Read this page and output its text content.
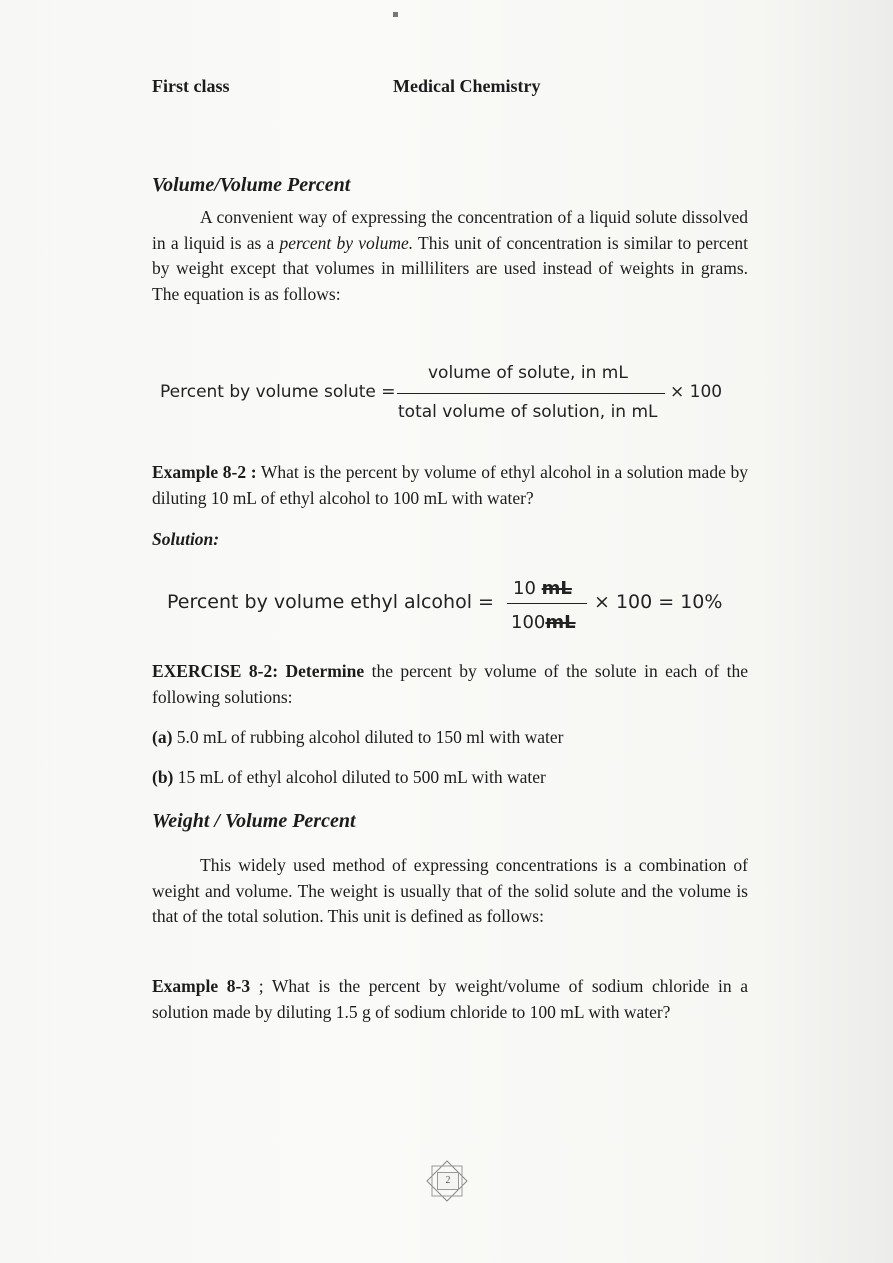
First class	Medical Chemistry
Volume/Volume Percent

A convenient way of expressing the concentration of a liquid solute dissolved in a liquid is as a percent by volume. This unit of concentration is similar to percent by weight except that volumes in milliliters are used instead of weights in grams. The equation is as follows:

Percent by volume solute =
volume of solute, in mL
total volume of solution, in mL
× 100

Example 8-2 : What is the percent by volume of ethyl alcohol in a solution made by diluting 10 mL of ethyl alcohol to 100 mL with water?

Solution:
Percent by volume ethyl alcohol =
10 mL
100mL
× 100 = 10%

EXERCISE 8-2: Determine the percent by volume of the solute in each of the following solutions:

(a) 5.0 mL of rubbing alcohol diluted to 150 ml with water
(b) 15 mL of ethyl alcohol diluted to 500 mL with water
Weight / Volume Percent

This widely used method of expressing concentrations is a combination of weight and volume. The weight is usually that of the solid solute and the volume is that of the total solution. This unit is defined as follows:

Example 8-3 ; What is the percent by weight/volume of sodium chloride in a solution made by diluting 1.5 g of sodium chloride to 100 mL with water?

2
